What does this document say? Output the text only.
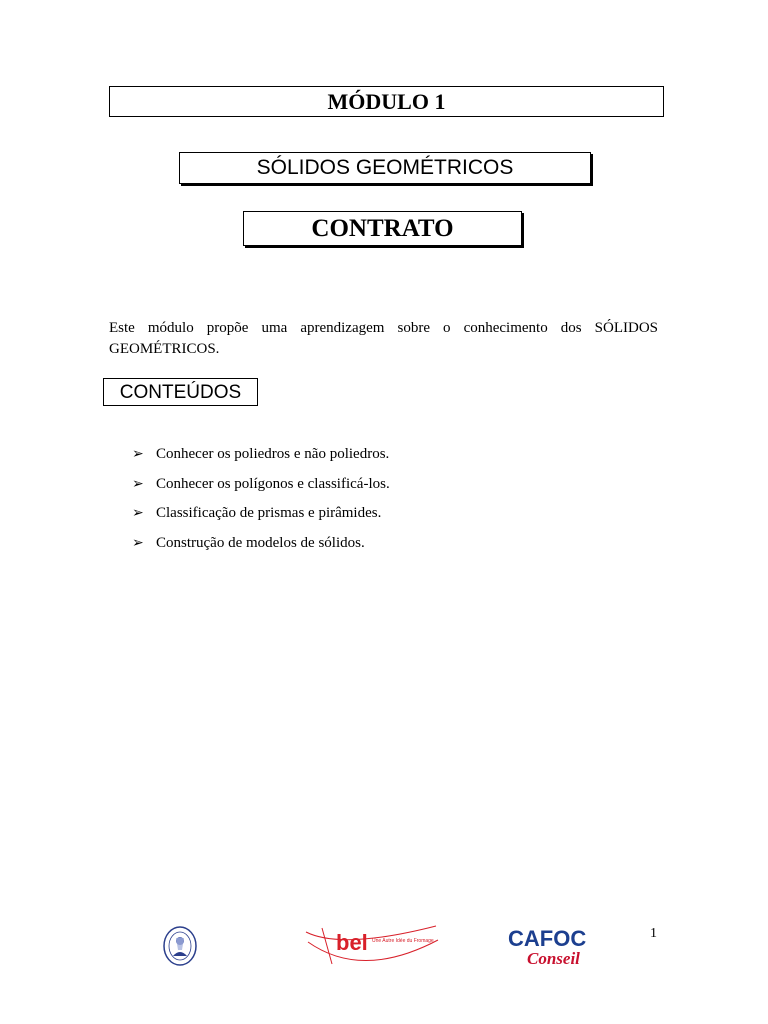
MÓDULO 1
SÓLIDOS GEOMÉTRICOS
CONTRATO

Este módulo propõe uma aprendizagem sobre o conhecimento dos SÓLIDOS GEOMÉTRICOS.

CONTEÚDOS
➢ Conhecer os poliedros e não poliedros.
➢ Conhecer os polígonos e classificá-los.
➢ Classificação de prismas e pirâmides.
➢ Construção de modelos de sólidos.
bel Une Autre Idée du Fromage	CAFOC
Conseil
1
